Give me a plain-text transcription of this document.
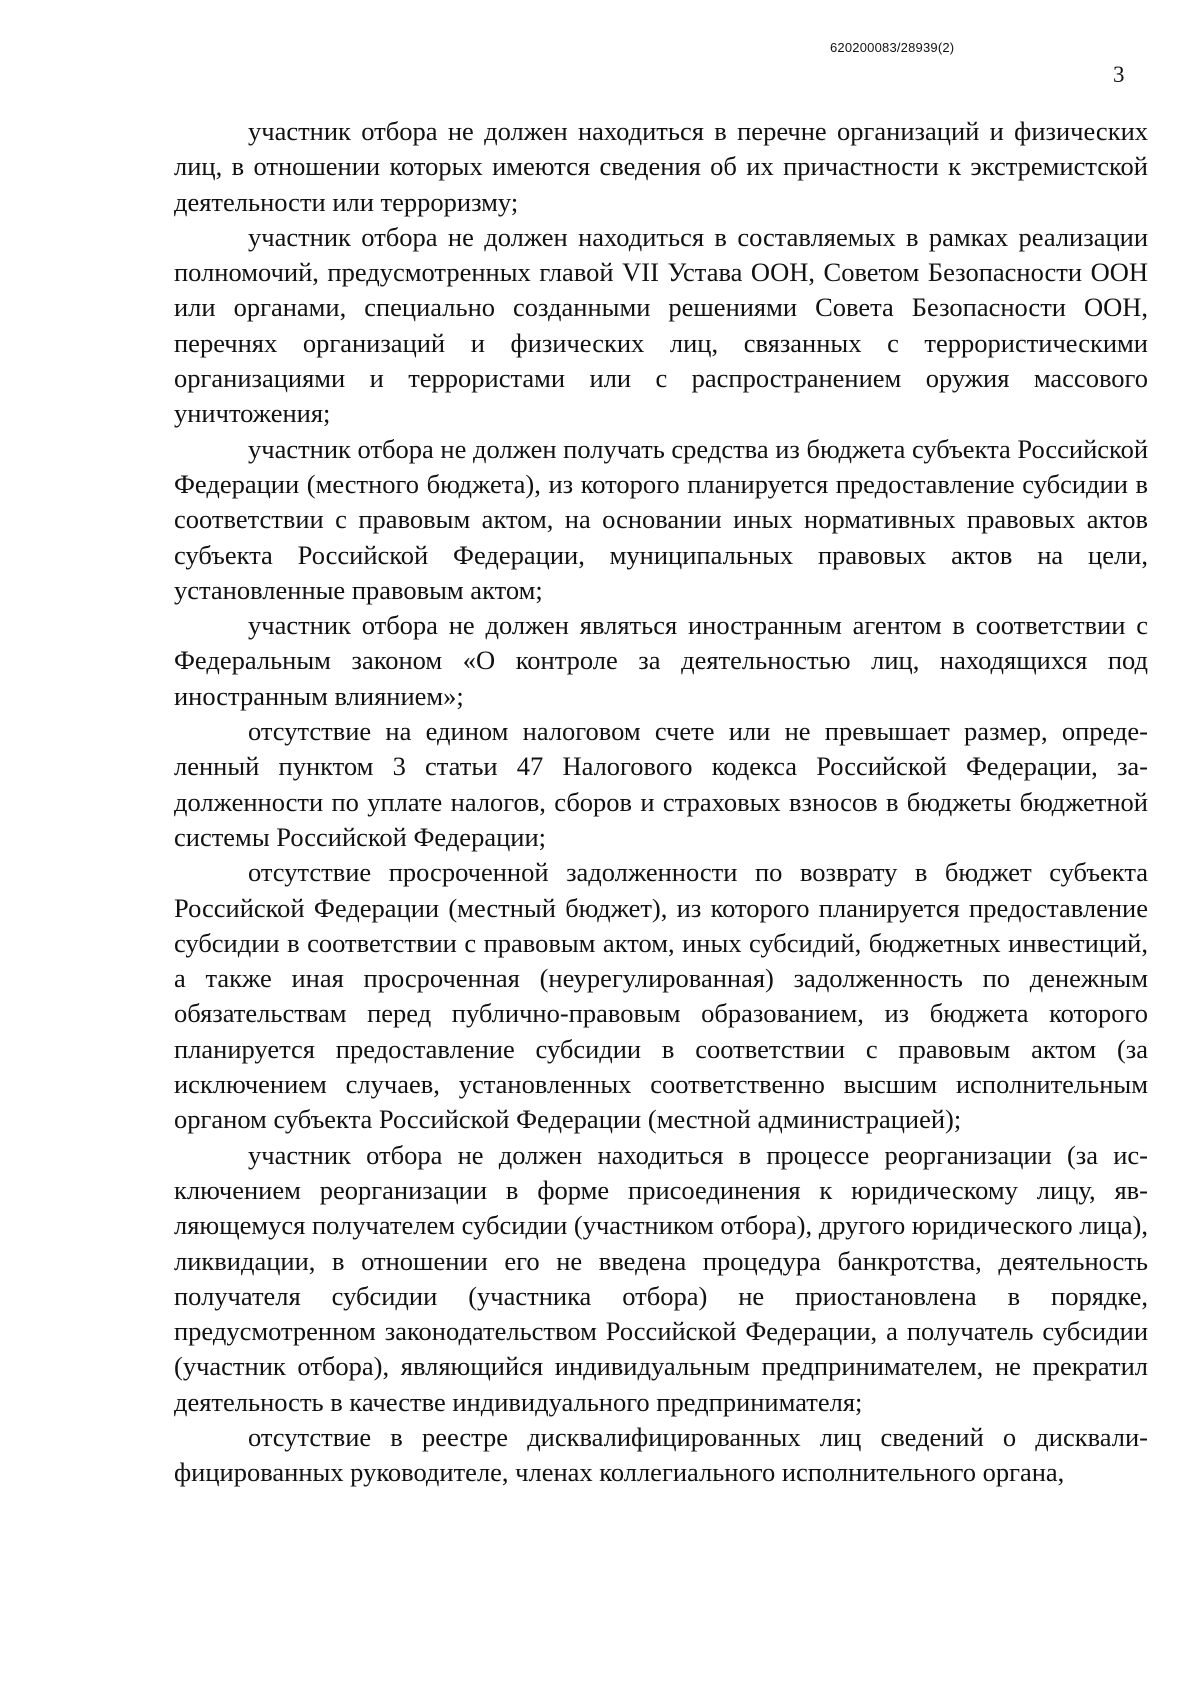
620200083/28939(2)
3

участник отбора не должен находиться в перечне организаций и физических лиц, в отношении которых имеются сведения об их причастности к экстремистской деятельности или терроризму;

участник отбора не должен находиться в составляемых в рамках реализации полномочий, предусмотренных главой VII Устава ООН, Советом Безопасности ООН или органами, специально созданными решениями Совета Безопасности ООН, перечнях организаций и физических лиц, связанных с террористическими организациями и террористами или с распространением оружия массового уничтожения;

участник отбора не должен получать средства из бюджета субъекта Российской Федерации (местного бюджета), из которого планируется предоставление субсидии в соответствии с правовым актом, на основании иных нормативных правовых актов субъекта Российской Федерации, муниципальных правовых актов на цели, установленные правовым актом;

участник отбора не должен являться иностранным агентом в соответствии с Федеральным законом «О контроле за деятельностью лиц, находящихся под иностранным влиянием»;

отсутствие на едином налоговом счете или не превышает размер, определенный пунктом 3 статьи 47 Налогового кодекса Российской Федерации, задолженности по уплате налогов, сборов и страховых взносов в бюджеты бюджетной системы Российской Федерации;

отсутствие просроченной задолженности по возврату в бюджет субъекта Российской Федерации (местный бюджет), из которого планируется предоставление субсидии в соответствии с правовым актом, иных субсидий, бюджетных инвестиций, а также иная просроченная (неурегулированная) задолженность по денежным обязательствам перед публично-правовым образованием, из бюджета которого планируется предоставление субсидии в соответствии с правовым актом (за исключением случаев, установленных соответственно высшим исполнительным органом субъекта Российской Федерации (местной администрацией);

участник отбора не должен находиться в процессе реорганизации (за исключением реорганизации в форме присоединения к юридическому лицу, являющемуся получателем субсидии (участником отбора), другого юридического лица), ликвидации, в отношении его не введена процедура банкротства, деятельность получателя субсидии (участника отбора) не приостановлена в порядке, предусмотренном законодательством Российской Федерации, а получатель субсидии (участник отбора), являющийся индивидуальным предпринимателем, не прекратил деятельность в качестве индивидуального предпринимателя;

отсутствие в реестре дисквалифицированных лиц сведений о дисквалифицированных руководителе, членах коллегиального исполнительного органа,
